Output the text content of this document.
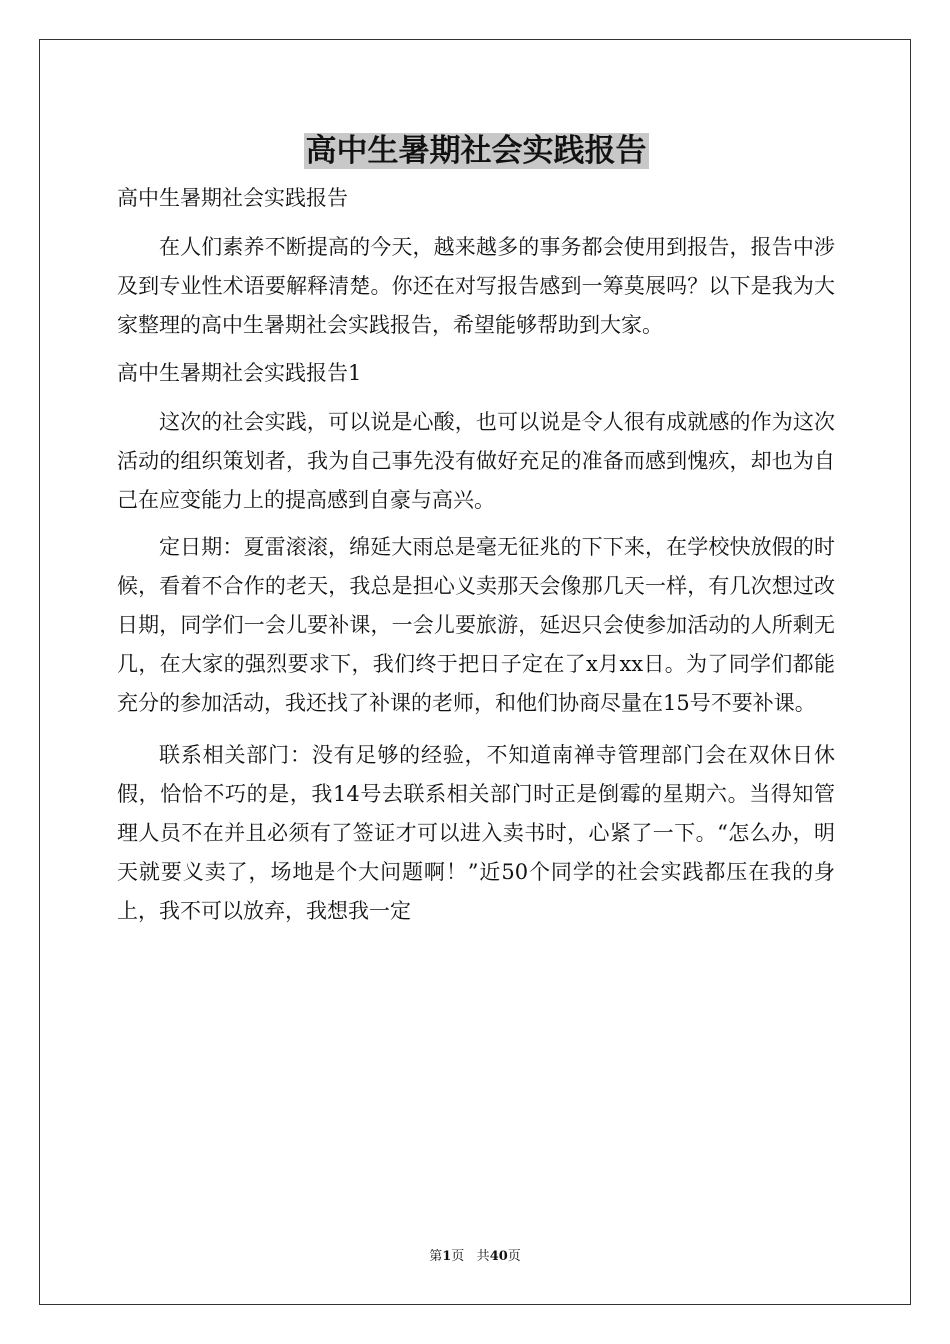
高中生暑期社会实践报告

高中生暑期社会实践报告

在人们素养不断提高的今天，越来越多的事务都会使用到报告，报告中涉及到专业性术语要解释清楚。你还在对写报告感到一筹莫展吗？以下是我为大家整理的高中生暑期社会实践报告，希望能够帮助到大家。

高中生暑期社会实践报告1

这次的社会实践，可以说是心酸，也可以说是令人很有成就感的作为这次活动的组织策划者，我为自己事先没有做好充足的准备而感到愧疚，却也为自己在应变能力上的提高感到自豪与高兴。

定日期：夏雷滚滚，绵延大雨总是毫无征兆的下下来，在学校快放假的时候，看着不合作的老天，我总是担心义卖那天会像那几天一样，有几次想过改日期，同学们一会儿要补课，一会儿要旅游，延迟只会使参加活动的人所剩无几，在大家的强烈要求下，我们终于把日子定在了x月xx日。为了同学们都能充分的参加活动，我还找了补课的老师，和他们协商尽量在15号不要补课。

联系相关部门：没有足够的经验，不知道南禅寺管理部门会在双休日休假，恰恰不巧的是，我14号去联系相关部门时正是倒霉的星期六。当得知管理人员不在并且必须有了签证才可以进入卖书时，心紧了一下。“怎么办，明天就要义卖了，场地是个大问题啊！”近50个同学的社会实践都压在我的身上，我不可以放弃，我想我一定

第1页 共40页
